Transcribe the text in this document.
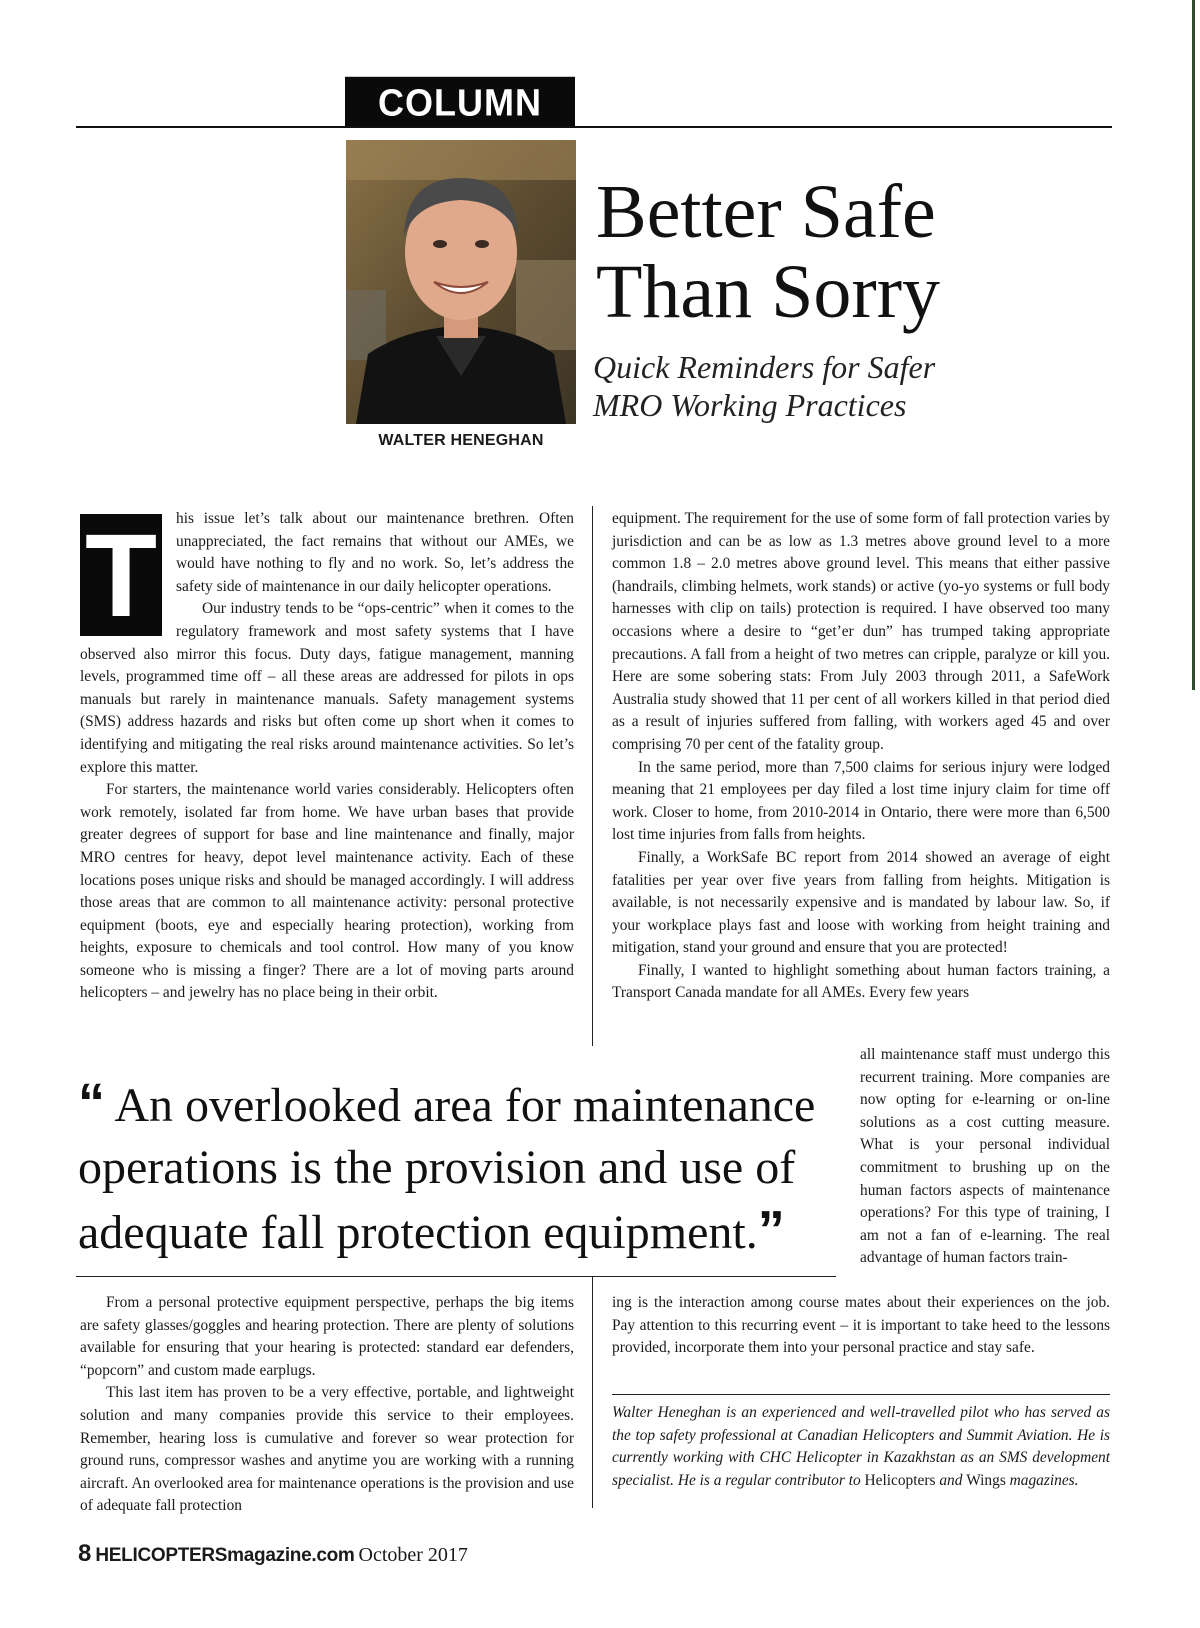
COLUMN
WALTER HENEGHAN
Better Safe
Than Sorry
Quick Reminders for Safer
MRO Working Practices
T	his issue let’s talk about our maintenance brethren. Often unappreciated, the fact remains that without our AMEs, we would have nothing to fly and no work. So, let’s address the safety side of maintenance in our daily helicopter operations.

Our industry tends to be “ops-centric” when it comes to the regulatory framework and most safety systems that I have observed also mirror this focus. Duty days, fatigue management, manning levels, programmed time off – all these areas are addressed for pilots in ops manuals but rarely in maintenance manuals. Safety management systems (SMS) address hazards and risks but often come up short when it comes to identifying and mitigating the real risks around maintenance activities. So let’s explore this matter.

For starters, the maintenance world varies considerably. Helicopters often work remotely, isolated far from home. We have urban bases that provide greater degrees of support for base and line maintenance and finally, major MRO centres for heavy, depot level maintenance activity. Each of these locations poses unique risks and should be managed accordingly. I will address those areas that are common to all maintenance activity: personal protective equipment (boots, eye and especially hearing protection), working from heights, exposure to chemicals and tool control. How many of you know someone who is missing a finger? There are a lot of moving parts around helicopters – and jewelry has no place being in their orbit.

equipment. The requirement for the use of some form of fall protection varies by jurisdiction and can be as low as 1.3 metres above ground level to a more common 1.8 – 2.0 metres above ground level. This means that either passive (handrails, climbing helmets, work stands) or active (yo-yo systems or full body harnesses with clip on tails) protection is required. I have observed too many occasions where a desire to “get’er dun” has trumped taking appropriate precautions. A fall from a height of two metres can cripple, paralyze or kill you. Here are some sobering stats: From July 2003 through 2011, a SafeWork Australia study showed that 11 per cent of all workers killed in that period died as a result of injuries suffered from falling, with workers aged 45 and over comprising 70 per cent of the fatality group.

In the same period, more than 7,500 claims for serious injury were lodged meaning that 21 employees per day filed a lost time injury claim for time off work. Closer to home, from 2010-2014 in Ontario, there were more than 6,500 lost time injuries from falls from heights.

Finally, a WorkSafe BC report from 2014 showed an average of eight fatalities per year over five years from falling from heights. Mitigation is available, is not necessarily expensive and is mandated by labour law. So, if your workplace plays fast and loose with working from height training and mitigation, stand your ground and ensure that you are protected!

Finally, I wanted to highlight something about human factors training, a Transport Canada mandate for all AMEs. Every few years

all maintenance staff must undergo this recurrent training. More companies are now opting for e-learning or on-line solutions as a cost cutting measure. What is your personal individual commitment to brushing up on the human factors aspects of maintenance operations? For this type of training, I am not a fan of e-learning. The real advantage of human factors train-

“ An overlooked area for maintenance operations is the provision and use of adequate fall protection equipment.”

From a personal protective equipment perspective, perhaps the big items are safety glasses/goggles and hearing protection. There are plenty of solutions available for ensuring that your hearing is protected: standard ear defenders, “popcorn” and custom made earplugs.

This last item has proven to be a very effective, portable, and lightweight solution and many companies provide this service to their employees. Remember, hearing loss is cumulative and forever so wear protection for ground runs, compressor washes and anytime you are working with a running aircraft. An overlooked area for maintenance operations is the provision and use of adequate fall protection

ing is the interaction among course mates about their experiences on the job. Pay attention to this recurring event – it is important to take heed to the lessons provided, incorporate them into your personal practice and stay safe.

Walter Heneghan is an experienced and well-travelled pilot who has served as the top safety professional at Canadian Helicopters and Summit Aviation. He is currently working with CHC Helicopter in Kazakhstan as an SMS development specialist. He is a regular contributor to Helicopters and Wings magazines.
8 HELICOPTERSmagazine.com October 2017
